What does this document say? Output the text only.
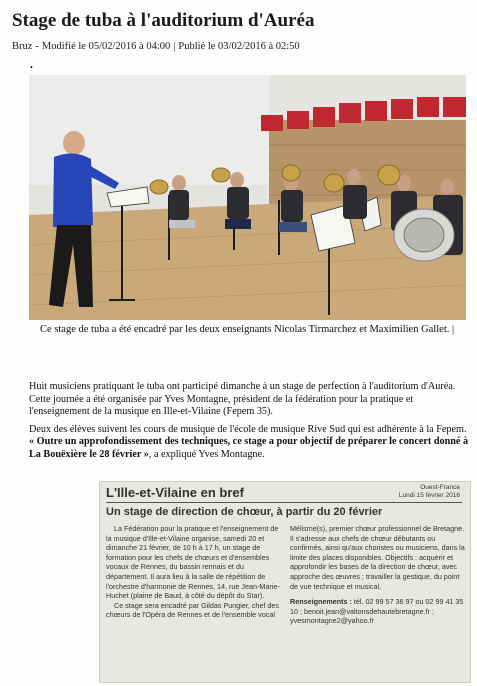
Stage de tuba à l'auditorium d'Auréa
Bruz - Modifié le 05/02/2016 à 04:00 | Publié le 03/02/2016 à 02:50
•
Ce stage de tuba a été encadré par les deux enseignants Nicolas Tirmarchez et Maximilien Gallet. |

Huit musiciens pratiquant le tuba ont participé dimanche à un stage de perfection à l'auditorium d'Auréa. Cette journée a été organisée par Yves Montagne, président de la fédération pour la pratique et l'enseignement de la musique en Ille-et-Vilaine (Fepem 35).

Deux des élèves suivent les cours de musique de l'école de musique Rive Sud qui est adhérente à la Fepem. « Outre un approfondissement des techniques, ce stage a pour objectif de préparer le concert donné à La Bouëxière le 28 février », a expliqué Yves Montagne.

L'Ille-et-Vilaine en bref	Ouest-France
Lundi 15 février 2016
Un stage de direction de chœur, à partir du 20 février

La Fédération pour la pratique et l'enseignement de la musique d'Ille-et-Vilaine organise, samedi 20 et dimanche 21 février, de 10 h à 17 h, un stage de formation pour les chefs de chœurs et d'ensembles vocaux de Rennes, du bassin rennais et du département. Il aura lieu à la salle de répétition de l'orchestre d'harmonie de Rennes, 14, rue Jean-Marie-Huchet (plaine de Baud, à côté du dépôt du Star).

Ce stage sera encadré par Gildas Pungier, chef des chœurs de l'Opéra de Rennes et de l'ensemble vocal

Mélisme(s), premier chœur professionnel de Bretagne. Il s'adresse aux chefs de chœur débutants ou confirmés, ainsi qu'aux choristes ou musiciens, dans la limite des places disponibles. Objectifs : acquérir et approfondir les bases de la direction de chœur, avec approche des œuvres ; travailler la gestique, du point de vue technique et musical.

Renseignements : tél. 02 99 57 36 97 ou 02 99 41 35 10 ; benoit.jean@valtonsdehautebretagne.fr ; yvesmontagne2@yahoo.fr
